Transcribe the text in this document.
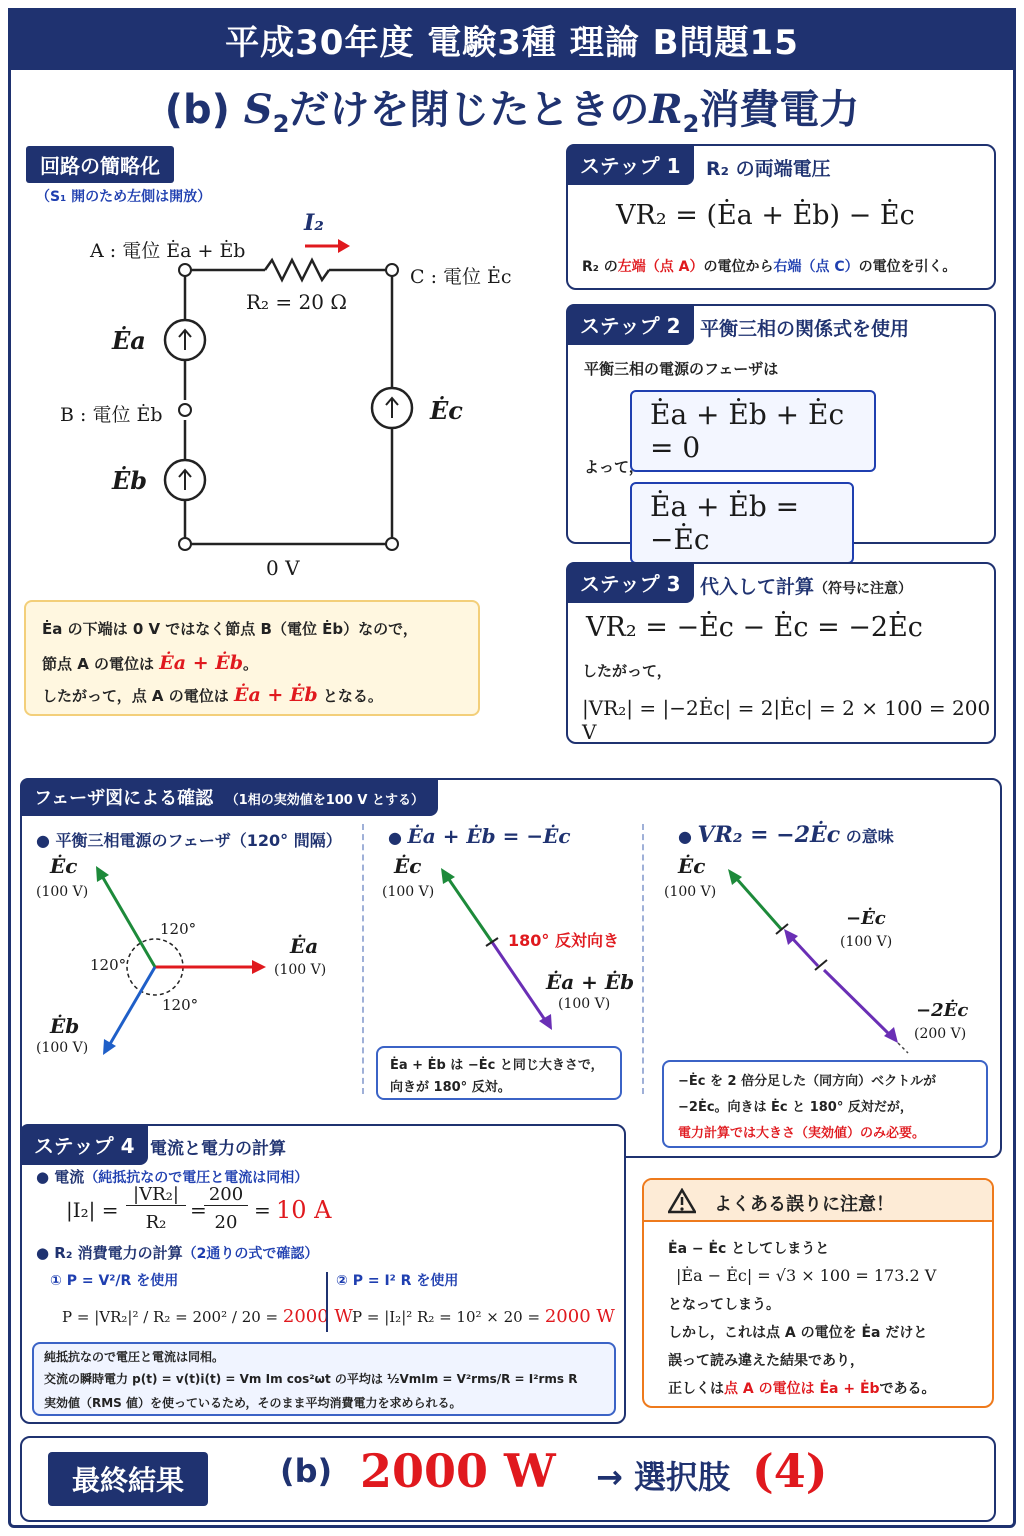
平成30年度 電験3種 理論 B問題15
(b) $S_2$だけを閉じたときの$R_2$消費電力
回路の簡略化
（S₁ 開のため左側は開放）
I₂
A : 電位 Ėa + Ėb
C : 電位 Ėc
R₂ = 20 Ω
Ėa
B : 電位 Ėb
Ėb
Ėc
0 V
Ėa の下端は 0 V ではなく節点 B（電位 Ėb）なので，
節点 A の電位は Ėa + Ėb。
したがって，点 A の電位は Ėa + Ėb となる。
ステップ 1	R₂ の両端電圧
VR₂ = (Ėa + Ėb) − Ėc
R₂ の左端（点 A）の電位から右端（点 C）の電位を引く。
ステップ 2	平衡三相の関係式を使用
平衡三相の電源のフェーザは
Ėa + Ėb + Ėc = 0
よって，
Ėa + Ėb = −Ėc
ステップ 3	代入して計算（符号に注意）
VR₂ = −Ėc − Ėc = −2Ėc
したがって，
|VR₂| = |−2Ėc| = 2|Ėc| = 2 × 100 = 200 V
フェーザ図による確認 （1相の実効値を100 V とする）
● 平衡三相電源のフェーザ（120° 間隔）	● Ėa + Ėb = −Ėc	● VR₂ = −2Ėc の意味
Ėc
(100 V)
120°
120°
120°
Ėa
(100 V)
Ėb
(100 V)
Ėc
(100 V)
180° 反対向き
Ėa + Ėb
(100 V)
Ėa + Ėb は −Ėc と同じ大きさで，
向きが 180° 反対。
Ėc
(100 V)
−Ėc
(100 V)
−2Ėc
(200 V)
−Ėc を 2 倍分足した（同方向）ベクトルが
−2Ėc。向きは Ėc と 180° 反対だが，
電力計算では大きさ（実効値）のみ必要。
ステップ 4 電流と電力の計算
● 電流（純抵抗なので電圧と電流は同相）
|I₂| =
|VR₂|
R₂
=
200
20
= 10 A
● R₂ 消費電力の計算（2通りの式で確認）
① P = V²/R を使用
P = |VR₂|² / R₂ = 200² / 20 = 2000 W
② P = I² R を使用
P = |I₂|² R₂ = 10² × 20 = 2000 W
純抵抗なので電圧と電流は同相。
交流の瞬時電力 p(t) = v(t)i(t) = Vm Im cos²ωt の平均は ½VmIm = V²rms/R = I²rms R
実効値（RMS 値）を使っているため，そのまま平均消費電力を求められる。
よくある誤りに注意！
Ėa − Ėc としてしまうと
|Ėa − Ėc| = √3 × 100 = 173.2 V
となってしまう。
しかし，これは点 A の電位を Ėa だけと
誤って読み違えた結果であり，
正しくは点 A の電位は Ėa + Ėbである。
最終結果	(b) 2000 W → 選択肢 (4)
